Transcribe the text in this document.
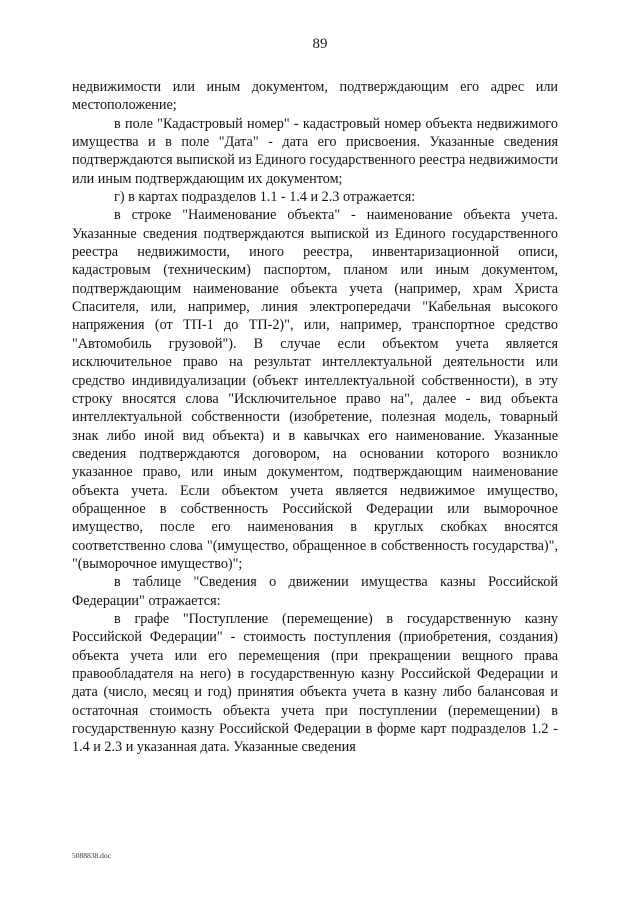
89

недвижимости или иным документом, подтверждающим его адрес или местоположение;

в поле "Кадастровый номер" - кадастровый номер объекта недвижимого имущества и в поле "Дата" - дата его присвоения. Указанные сведения подтверждаются выпиской из Единого государственного реестра недвижимости или иным подтверждающим их документом;

г) в картах подразделов 1.1 - 1.4 и 2.3 отражается:

в строке "Наименование объекта" - наименование объекта учета. Указанные сведения подтверждаются выпиской из Единого государственного реестра недвижимости, иного реестра, инвентаризационной описи, кадастровым (техническим) паспортом, планом или иным документом, подтверждающим наименование объекта учета (например, храм Христа Спасителя, или, например, линия электропередачи "Кабельная высокого напряжения (от ТП-1 до ТП-2)", или, например, транспортное средство "Автомобиль грузовой"). В случае если объектом учета является исключительное право на результат интеллектуальной деятельности или средство индивидуализации (объект интеллектуальной собственности), в эту строку вносятся слова "Исключительное право на", далее - вид объекта интеллектуальной собственности (изобретение, полезная модель, товарный знак либо иной вид объекта) и в кавычках его наименование. Указанные сведения подтверждаются договором, на основании которого возникло указанное право, или иным документом, подтверждающим наименование объекта учета. Если объектом учета является недвижимое имущество, обращенное в собственность Российской Федерации или выморочное имущество, после его наименования в круглых скобках вносятся соответственно слова "(имущество, обращенное в собственность государства)", "(выморочное имущество)";

в таблице "Сведения о движении имущества казны Российской Федерации" отражается:

в графе "Поступление (перемещение) в государственную казну Российской Федерации" - стоимость поступления (приобретения, создания) объекта учета или его перемещения (при прекращении вещного права правообладателя на него) в государственную казну Российской Федерации и дата (число, месяц и год) принятия объекта учета в казну либо балансовая и остаточная стоимость объекта учета при поступлении (перемещении) в государственную казну Российской Федерации в форме карт подразделов 1.2 - 1.4 и 2.3 и указанная дата. Указанные сведения

5088838.doc
